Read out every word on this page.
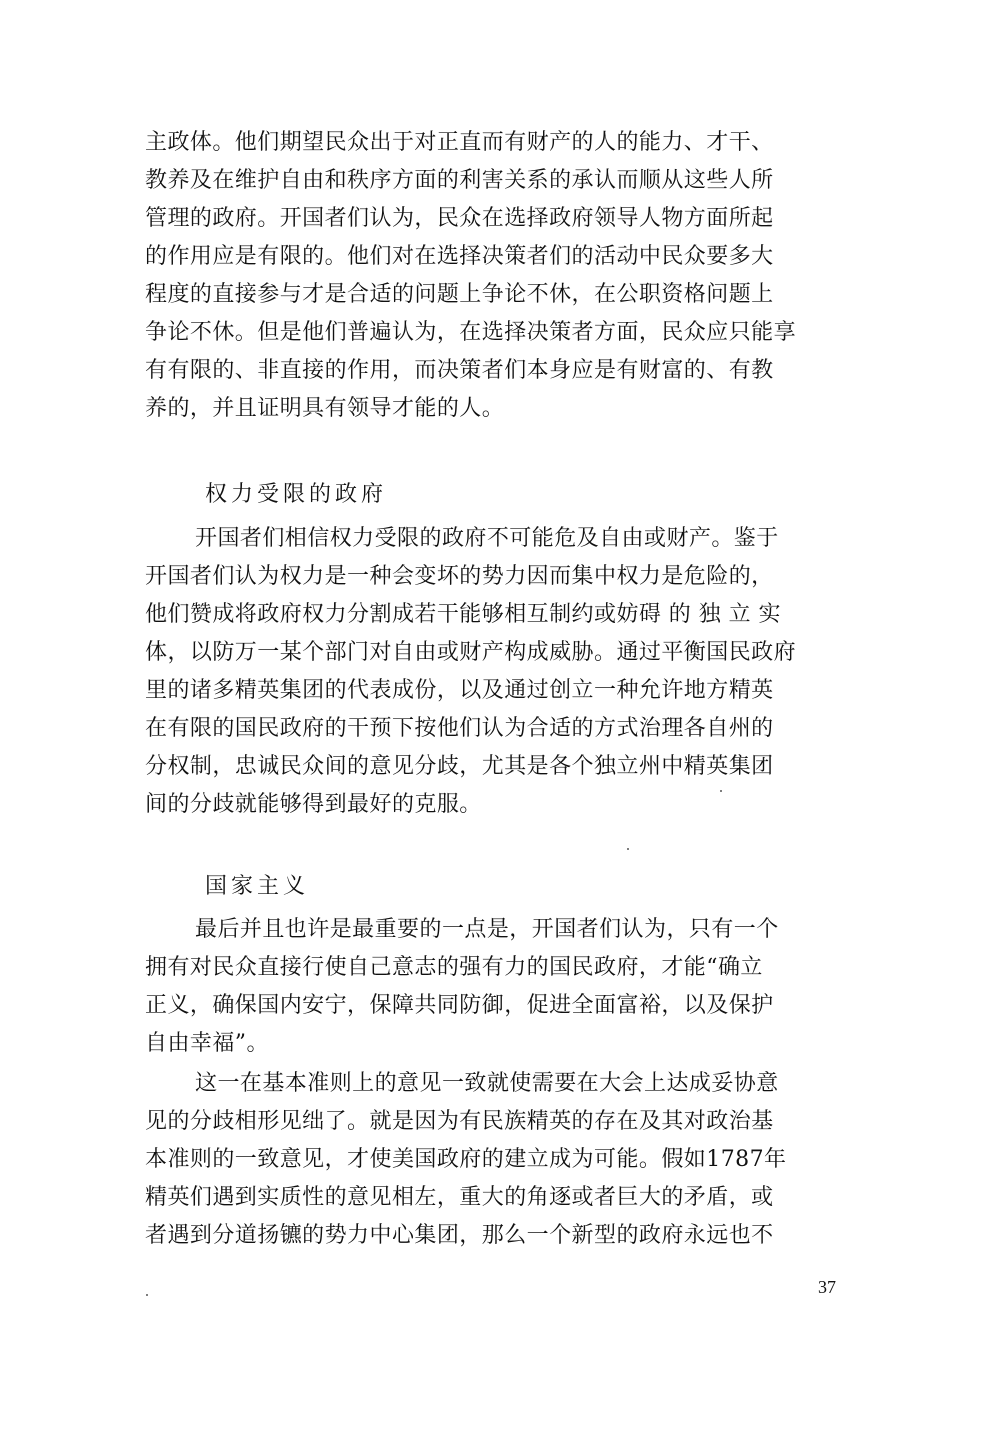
主政体。他们期望民众出于对正直而有财产的人的能力、才干、
教养及在维护自由和秩序方面的利害关系的承认而顺从这些人所
管理的政府。开国者们认为，民众在选择政府领导人物方面所起
的作用应是有限的。他们对在选择决策者们的活动中民众要多大
程度的直接参与才是合适的问题上争论不休，在公职资格问题上
争论不休。但是他们普遍认为，在选择决策者方面，民众应只能享
有有限的、非直接的作用，而决策者们本身应是有财富的、有教
养的，并且证明具有领导才能的人。
权力受限的政府
开国者们相信权力受限的政府不可能危及自由或财产。鉴于
开国者们认为权力是一种会变坏的势力因而集中权力是危险的，
他们赞成将政府权力分割成若干能够相互制约或妨碍 的 独 立 实
体，以防万一某个部门对自由或财产构成威胁。通过平衡国民政府
里的诸多精英集团的代表成份，以及通过创立一种允许地方精英
在有限的国民政府的干预下按他们认为合适的方式治理各自州的
分权制，忠诚民众间的意见分歧，尤其是各个独立州中精英集团
间的分歧就能够得到最好的克服。
国家主义
最后并且也许是最重要的一点是，开国者们认为，只有一个
拥有对民众直接行使自己意志的强有力的国民政府，才能“确立
正义，确保国内安宁，保障共同防御，促进全面富裕，以及保护
自由幸福”。
这一在基本准则上的意见一致就使需要在大会上达成妥协意
见的分歧相形见绌了。就是因为有民族精英的存在及其对政治基
本准则的一致意见，才使美国政府的建立成为可能。假如1787年
精英们遇到实质性的意见相左，重大的角逐或者巨大的矛盾，或
者遇到分道扬镳的势力中心集团，那么一个新型的政府永远也不
37
